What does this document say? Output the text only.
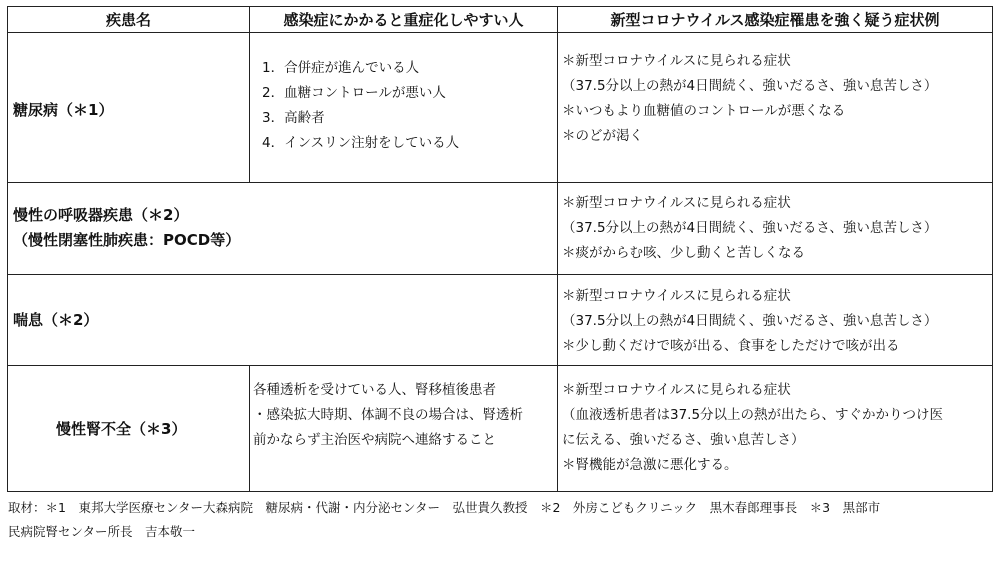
疾患名	感染症にかかると重症化しやすい人	新型コロナウイルス感染症罹患を強く疑う症状例
糖尿病（＊1）
1．合併症が進んでいる人
2．血糖コントロールが悪い人
3．高齢者
4．インスリン注射をしている人
＊新型コロナウイルスに見られる症状
（37.5分以上の熱が4日間続く、強いだるさ、強い息苦しさ）
＊いつもより血糖値のコントロールが悪くなる
＊のどが渇く
慢性の呼吸器疾患（＊2）
（慢性閉塞性肺疾患：POCD等）
＊新型コロナウイルスに見られる症状
（37.5分以上の熱が4日間続く、強いだるさ、強い息苦しさ）
＊痰がからむ咳、少し動くと苦しくなる
喘息（＊2）
＊新型コロナウイルスに見られる症状
（37.5分以上の熱が4日間続く、強いだるさ、強い息苦しさ）
＊少し動くだけで咳が出る、食事をしただけで咳が出る
慢性腎不全（＊3）
各種透析を受けている人、腎移植後患者
・感染拡大時期、体調不良の場合は、腎透析
前かならず主治医や病院へ連絡すること
＊新型コロナウイルスに見られる症状
（血液透析患者は37.5分以上の熱が出たら、すぐかかりつけ医
に伝える、強いだるさ、強い息苦しさ）
＊腎機能が急激に悪化する。
取材：＊1　東邦大学医療センター大森病院　糖尿病・代謝・内分泌センター　弘世貴久教授　＊2　外房こどもクリニック　黒木春郎理事長　＊3　黒部市
民病院腎センター所長　吉本敬一
